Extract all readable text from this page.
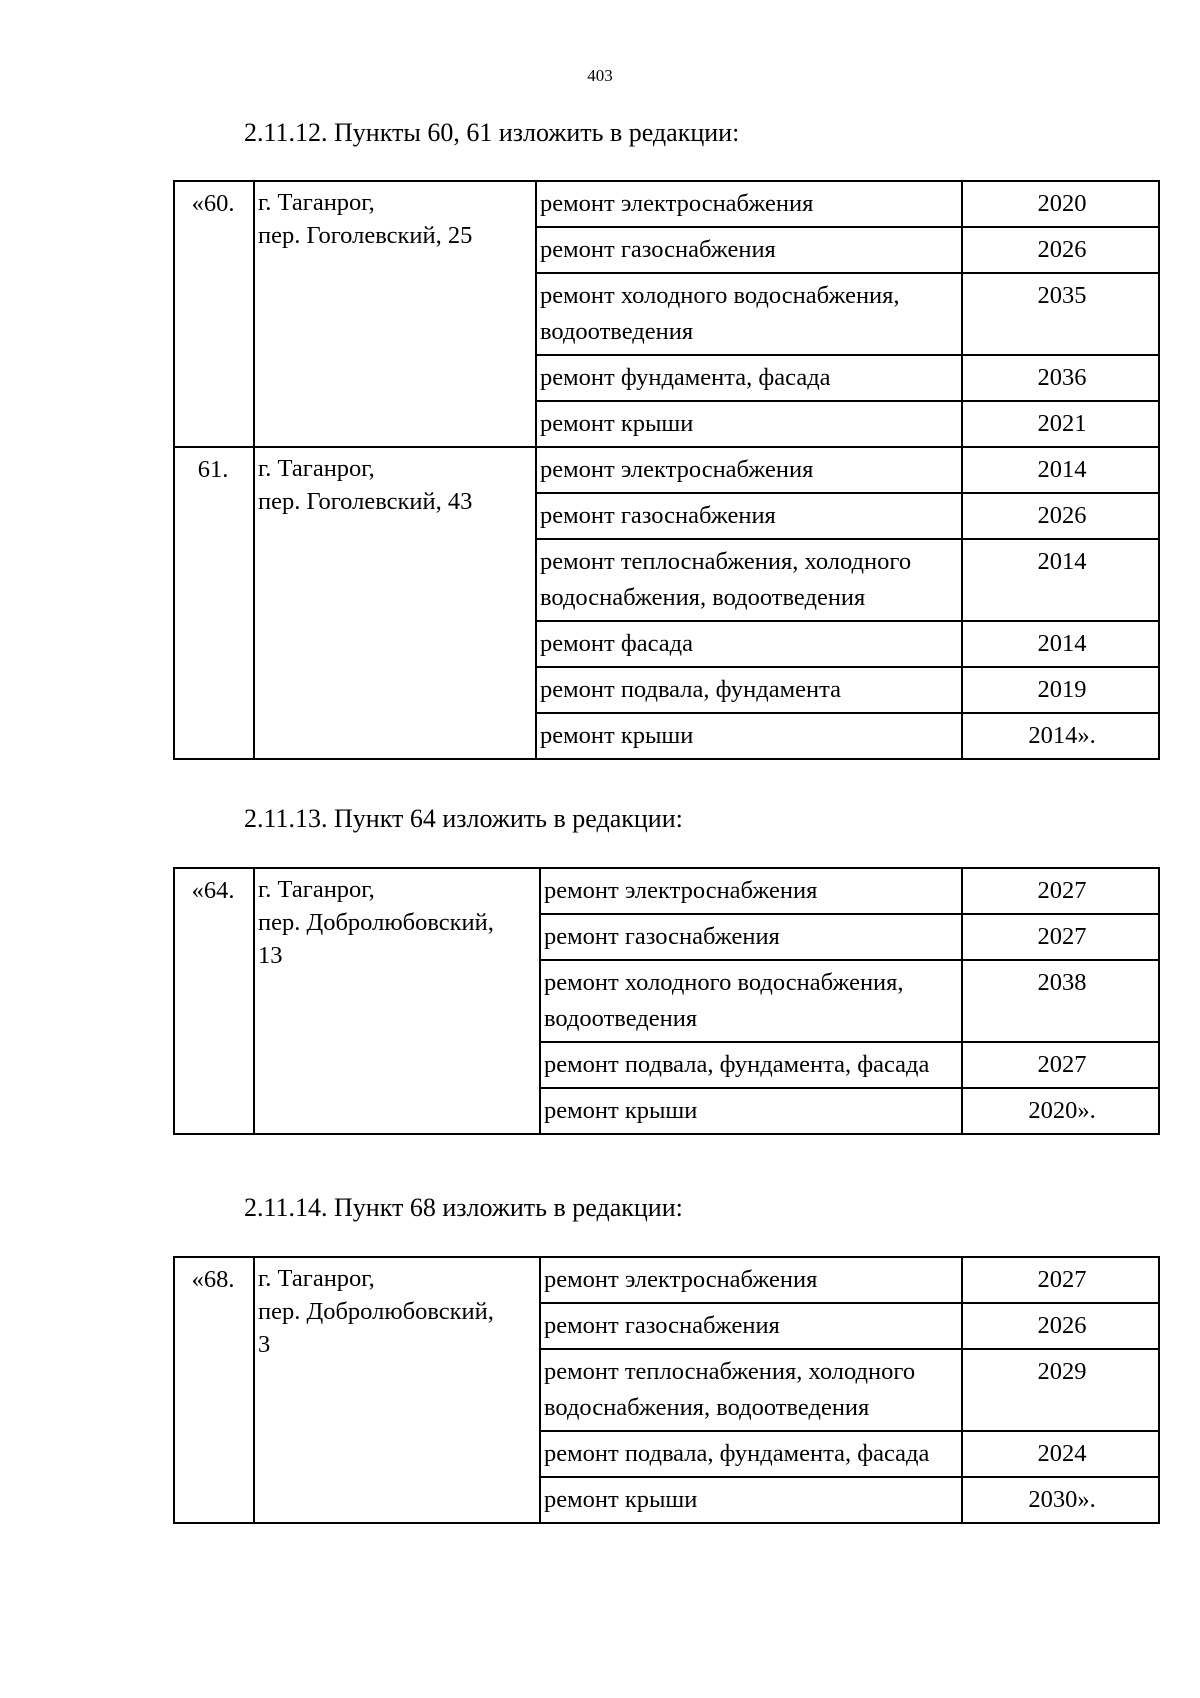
403
2.11.12. Пункты 60, 61 изложить в редакции:
«60.	г. Таганрог,
пер. Гоголевский, 25	ремонт электроснабжения	2020
		ремонт газоснабжения	2026
		ремонт холодного водоснабжения, водоотведения	2035
		ремонт фундамента, фасада	2036
		ремонт крыши	2021
61.	г. Таганрог,
пер. Гоголевский, 43	ремонт электроснабжения	2014
		ремонт газоснабжения	2026
		ремонт теплоснабжения, холодного водоснабжения, водоотведения	2014
		ремонт фасада	2014
		ремонт подвала, фундамента	2019
		ремонт крыши	2014».
2.11.13. Пункт 64 изложить в редакции:
«64.	г. Таганрог,
пер. Добролюбовский,
13	ремонт электроснабжения	2027
		ремонт газоснабжения	2027
		ремонт холодного водоснабжения, водоотведения	2038
		ремонт подвала, фундамента, фасада	2027
		ремонт крыши	2020».
2.11.14. Пункт 68 изложить в редакции:
«68.	г. Таганрог,
пер. Добролюбовский,
3	ремонт электроснабжения	2027
		ремонт газоснабжения	2026
		ремонт теплоснабжения, холодного водоснабжения, водоотведения	2029
		ремонт подвала, фундамента, фасада	2024
		ремонт крыши	2030».
